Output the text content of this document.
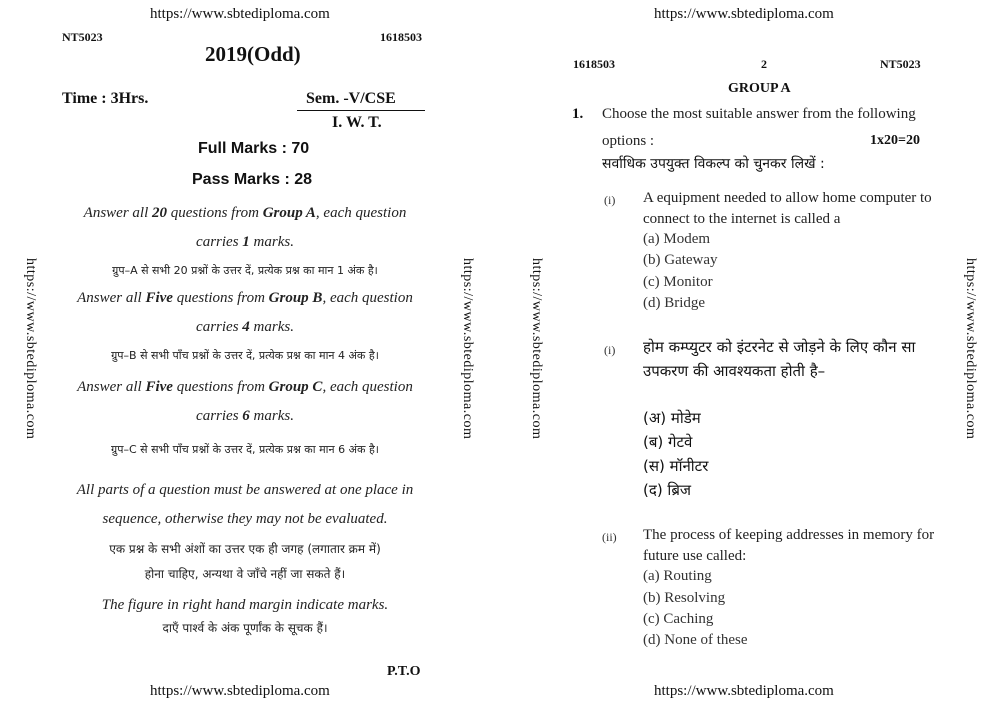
https://www.sbtediploma.com	https://www.sbtediploma.com
https://www.sbtediploma.com	https://www.sbtediploma.com	https://www.sbtediploma.com	https://www.sbtediploma.com
NT5023	1618503
2019(Odd)
Time : 3Hrs.	Sem. -V/CSE
I. W. T.
Full Marks : 70
Pass Marks : 28
Answer all 20 questions from Group A, each question
carries 1 marks.
ग्रुप–A से सभी 20 प्रश्नों के उत्तर दें, प्रत्येक प्रश्न का मान 1 अंक है।
Answer all Five questions from Group B, each question
carries 4 marks.
ग्रुप–B से सभी पाँच प्रश्नों के उत्तर दें, प्रत्येक प्रश्न का मान 4 अंक है।
Answer all Five questions from Group C, each question
carries 6 marks.
ग्रुप–C से सभी पाँच प्रश्नों के उत्तर दें, प्रत्येक प्रश्न का मान 6 अंक है।
All parts of a question must be answered at one place in
sequence, otherwise they may not be evaluated.
एक प्रश्न के सभी अंशों का उत्तर एक ही जगह (लगातार क्रम में)
होना चाहिए, अन्यथा वे जाँचे नहीं जा सकते हैं।
The figure in right hand margin indicate marks.
दाएँ पार्श्व के अंक पूर्णांक के सूचक हैं।
P.T.O
https://www.sbtediploma.com
1618503	2	NT5023
GROUP A
1. Choose the most suitable answer from the following
options :	1x20=20
सर्वाधिक उपयुक्त विकल्प को चुनकर लिखें :
(i) A equipment needed to allow home computer to connect to the internet is called a
(a) Modem
(b) Gateway
(c) Monitor
(d) Bridge
(i) होम कम्प्युटर को इंटरनेट से जोड़ने के लिए कौन सा उपकरण की आवश्यकता होती है–
(अ) मोडेम
(ब) गेटवे
(स) मॉनीटर
(द) ब्रिज
(ii) The process of keeping addresses in memory for future use called:
(a) Routing
(b) Resolving
(c) Caching
(d) None of these
https://www.sbtediploma.com
